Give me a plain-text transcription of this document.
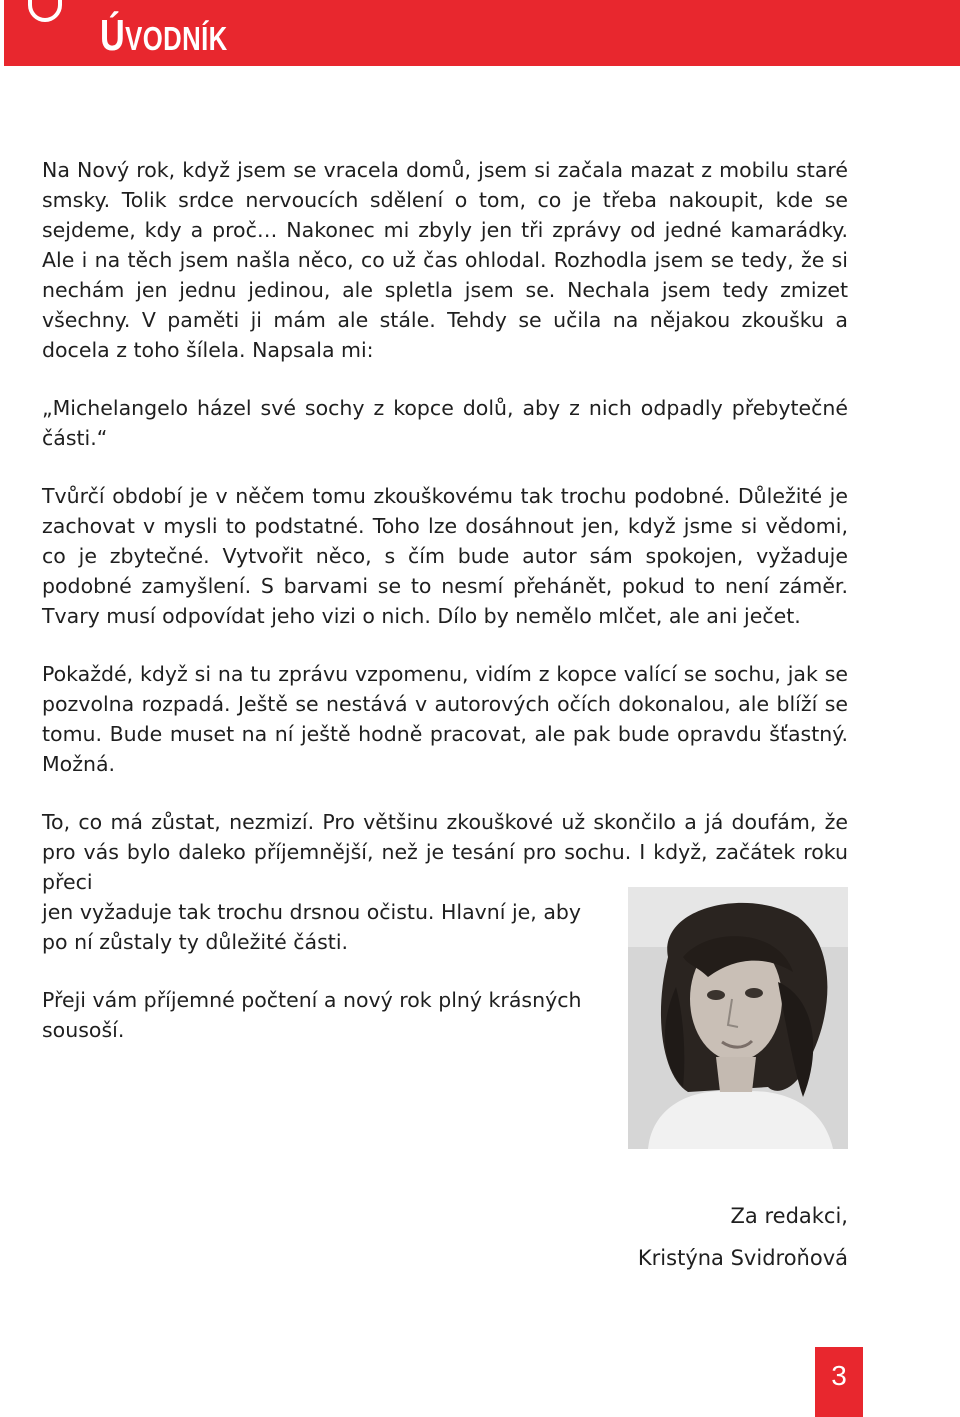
ÚVODNÍK

Na Nový rok, když jsem se vracela domů, jsem si začala mazat z mobilu staré smsky. Tolik srdce nervoucích sdělení o tom, co je třeba nakoupit, kde se sejdeme, kdy a proč… Nakonec mi zbyly jen tři zprávy od jedné kamarádky. Ale i na těch jsem našla něco, co už čas ohlodal. Rozhodla jsem se tedy, že si nechám jen jednu jedinou, ale spletla jsem se. Nechala jsem tedy zmizet všechny. V paměti ji mám ale stále. Tehdy se učila na nějakou zkoušku a docela z toho šílela. Napsala mi:

„Michelangelo házel své sochy z kopce dolů, aby z nich odpadly přebytečné části.“

Tvůrčí období je v něčem tomu zkouškovému tak trochu podobné. Důležité je zachovat v mysli to podstatné. Toho lze dosáhnout jen, když jsme si vědomi, co je zbytečné. Vytvořit něco, s čím bude autor sám spokojen, vyžaduje podobné zamyšlení. S barvami se to nesmí přehánět, pokud to není záměr. Tvary musí odpovídat jeho vizi o nich. Dílo by nemělo mlčet, ale ani ječet.

Pokaždé, když si na tu zprávu vzpomenu, vidím z kopce valící se sochu, jak se pozvolna rozpadá. Ještě se nestává v autorových očích dokonalou, ale blíží se tomu. Bude muset na ní ještě hodně pracovat, ale pak bude opravdu šťastný. Možná.

To, co má zůstat, nezmizí. Pro většinu zkouškové už skončilo a já doufám, že pro vás bylo daleko příjemnější, než je tesání pro sochu. I když, začátek roku přeci
jen vyžaduje tak trochu drsnou očistu. Hlavní je, aby po ní zůstaly ty důležité části.

Přeji vám příjemné počtení a nový rok plný krásných sousoší.

Za redakci,
Kristýna Svidroňová
3
